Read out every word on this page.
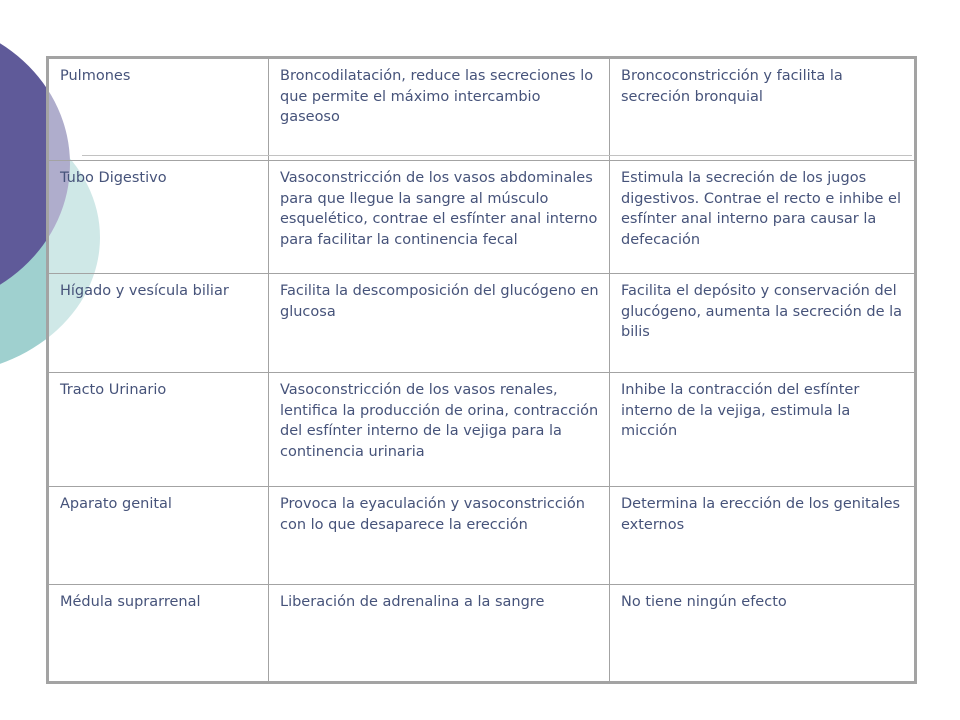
Pulmones	Broncodilatación, reduce las secreciones lo que permite el máximo intercambio gaseoso	Broncoconstricción y facilita la secreción bronquial
Tubo Digestivo	Vasoconstricción de los vasos abdominales para que llegue la sangre al músculo esquelético, contrae el esfínter anal interno para facilitar la continencia fecal	Estimula la secreción de los jugos digestivos. Contrae el recto e inhibe el esfínter anal interno para causar la defecación
Hígado y vesícula biliar	Facilita la descomposición del glucógeno en glucosa	Facilita el depósito y conservación del glucógeno, aumenta la secreción de la bilis
Tracto Urinario	Vasoconstricción de los vasos renales, lentifica la producción de orina, contracción del esfínter interno de la vejiga para la continencia urinaria	Inhibe la contracción del esfínter interno de la vejiga, estimula la micción
Aparato genital	Provoca la eyaculación y vasoconstricción con lo que desaparece la erección	Determina la erección de los genitales externos
Médula suprarrenal	Liberación de adrenalina a la sangre	No tiene ningún efecto
